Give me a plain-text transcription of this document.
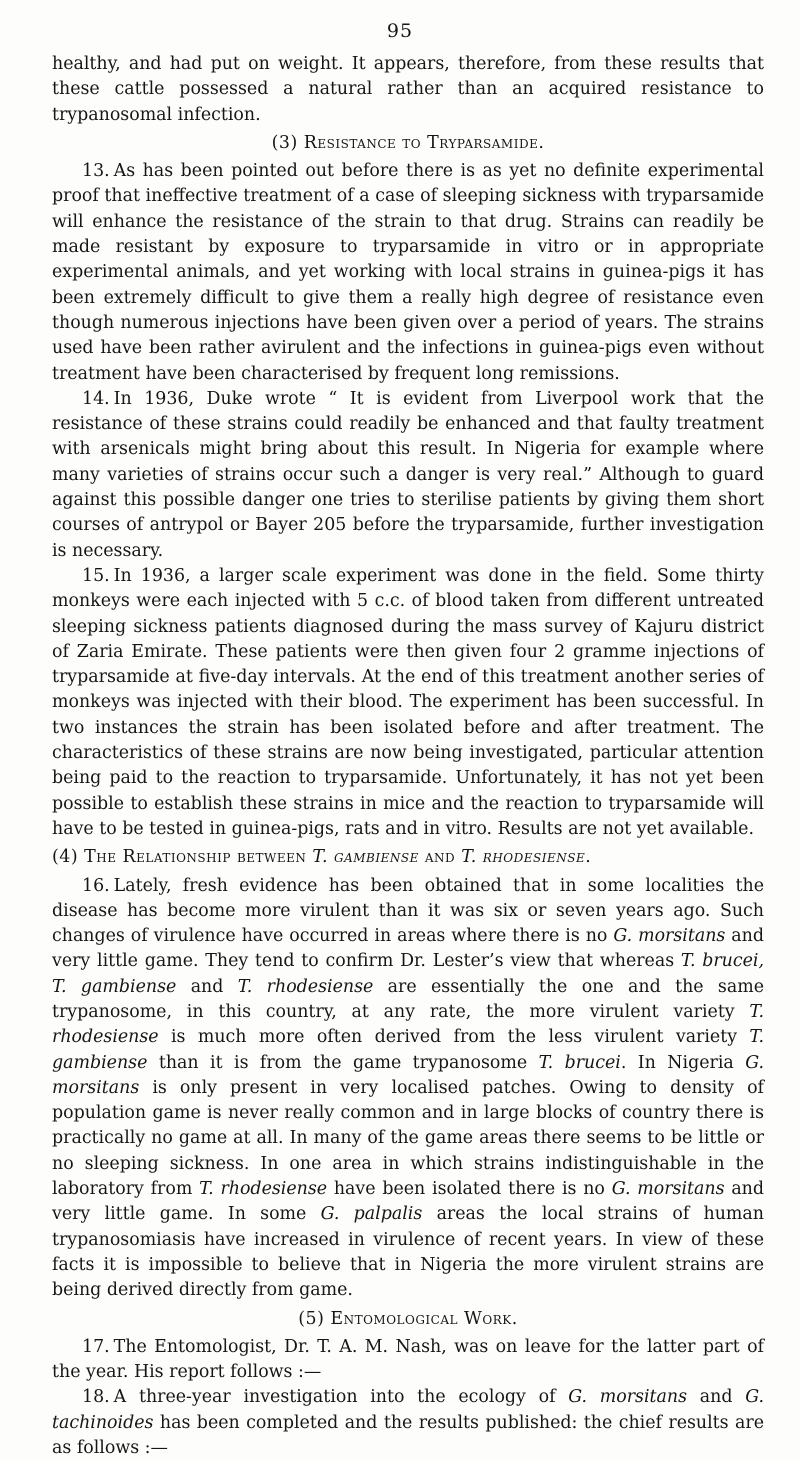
95

healthy, and had put on weight. It appears, therefore, from these results that these cattle possessed a natural rather than an acquired resistance to trypanosomal infection.

(3) Resistance to Tryparsamide.

13. As has been pointed out before there is as yet no definite experimental proof that ineffective treatment of a case of sleeping sickness with tryparsamide will enhance the resistance of the strain to that drug. Strains can readily be made resistant by exposure to tryparsamide in vitro or in appropriate experimental animals, and yet working with local strains in guinea-pigs it has been extremely difficult to give them a really high degree of resistance even though numerous injections have been given over a period of years. The strains used have been rather avirulent and the infections in guinea-pigs even without treatment have been characterised by frequent long remissions.

14. In 1936, Duke wrote “ It is evident from Liverpool work that the resistance of these strains could readily be enhanced and that faulty treatment with arsenicals might bring about this result. In Nigeria for example where many varieties of strains occur such a danger is very real.” Although to guard against this possible danger one tries to sterilise patients by giving them short courses of antrypol or Bayer 205 before the tryparsamide, further investigation is necessary.

15. In 1936, a larger scale experiment was done in the field. Some thirty monkeys were each injected with 5 c.c. of blood taken from different untreated sleeping sickness patients diagnosed during the mass survey of Kajuru district of Zaria Emirate. These patients were then given four 2 gramme injections of tryparsamide at five-day intervals. At the end of this treatment another series of monkeys was injected with their blood. The experiment has been successful. In two instances the strain has been isolated before and after treatment. The characteristics of these strains are now being investigated, particular attention being paid to the reaction to tryparsamide. Unfortunately, it has not yet been possible to establish these strains in mice and the reaction to tryparsamide will have to be tested in guinea-pigs, rats and in vitro. Results are not yet available.

(4) The Relationship between T. gambiense and T. rhodesiense.

16. Lately, fresh evidence has been obtained that in some localities the disease has become more virulent than it was six or seven years ago. Such changes of virulence have occurred in areas where there is no G. morsitans and very little game. They tend to confirm Dr. Lester’s view that whereas T. brucei, T. gambiense and T. rhodesiense are essentially the one and the same trypanosome, in this country, at any rate, the more virulent variety T. rhodesiense is much more often derived from the less virulent variety T. gambiense than it is from the game trypanosome T. brucei. In Nigeria G. morsitans is only present in very localised patches. Owing to density of population game is never really common and in large blocks of country there is practically no game at all. In many of the game areas there seems to be little or no sleeping sickness. In one area in which strains indistinguishable in the laboratory from T. rhodesiense have been isolated there is no G. morsitans and very little game. In some G. palpalis areas the local strains of human trypanosomiasis have increased in virulence of recent years. In view of these facts it is impossible to believe that in Nigeria the more virulent strains are being derived directly from game.

(5) Entomological Work.

17. The Entomologist, Dr. T. A. M. Nash, was on leave for the latter part of the year. His report follows :—

18. A three-year investigation into the ecology of G. morsitans and G. tachinoides has been completed and the results published: the chief results are as follows :—
